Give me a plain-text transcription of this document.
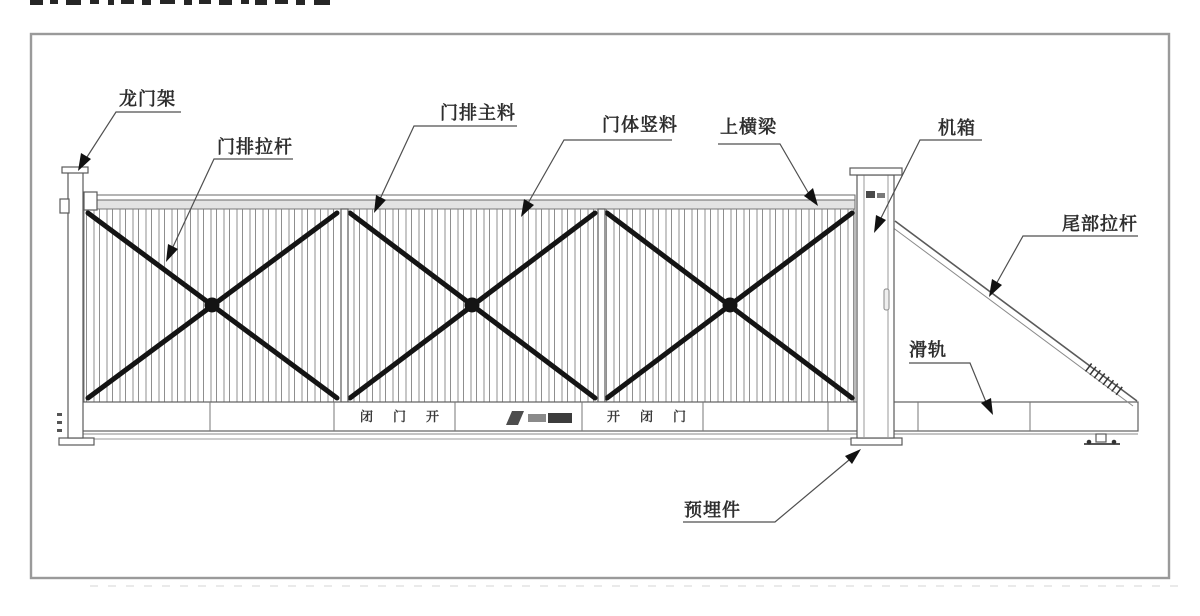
闭门开	开闭门
龙门架
门排拉杆
门排主料
门体竖料 上横梁	机箱
尾部拉杆
滑轨
预埋件
